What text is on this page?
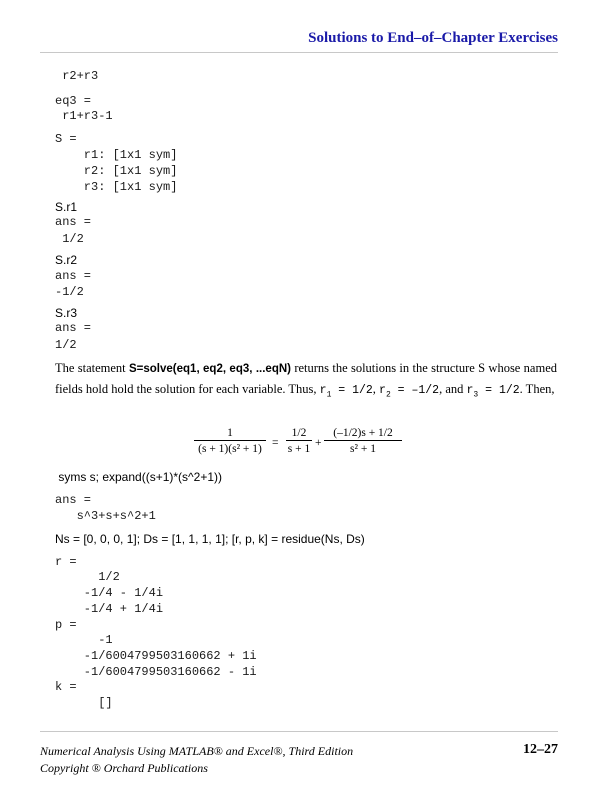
Solutions to End–of–Chapter Exercises
r2+r3
eq3 =
r1+r3-1
S =
r1: [1x1 sym]
r2: [1x1 sym]
r3: [1x1 sym]
S.r1
ans =
1/2
S.r2
ans =
-1/2
S.r3
ans =
1/2
The statement S=solve(eq1, eq2, eq3, ...eqN) returns the solutions in the structure S whose named fields hold hold the solution for each variable. Thus, $r_1 = 1/2$, $r_2 = -1/2$, and $r_3 = 1/2$. Then,
$\frac{1}{\text{(s + 1)(s² + 1)}} = \frac{1/2}{s + 1} + \frac{(-1/2)s + 1/2}{\text{s² + 1}}$
syms s; expand((s+1)*(s^2+1))
ans =
s^3+s+s^2+1
Ns = [0, 0, 0, 1]; Ds = [1, 1, 1, 1]; [r, p, k] = residue(Ns, Ds)
r =
1/2
-1/4 - 1/4i
-1/4 + 1/4i
p =
-1
-1/6004799503160662 + 1i
-1/6004799503160662 - 1i
k =
[]
Numerical Analysis Using MATLAB® and Excel®, Third Edition
Copyright ® Orchard Publications
12–27
